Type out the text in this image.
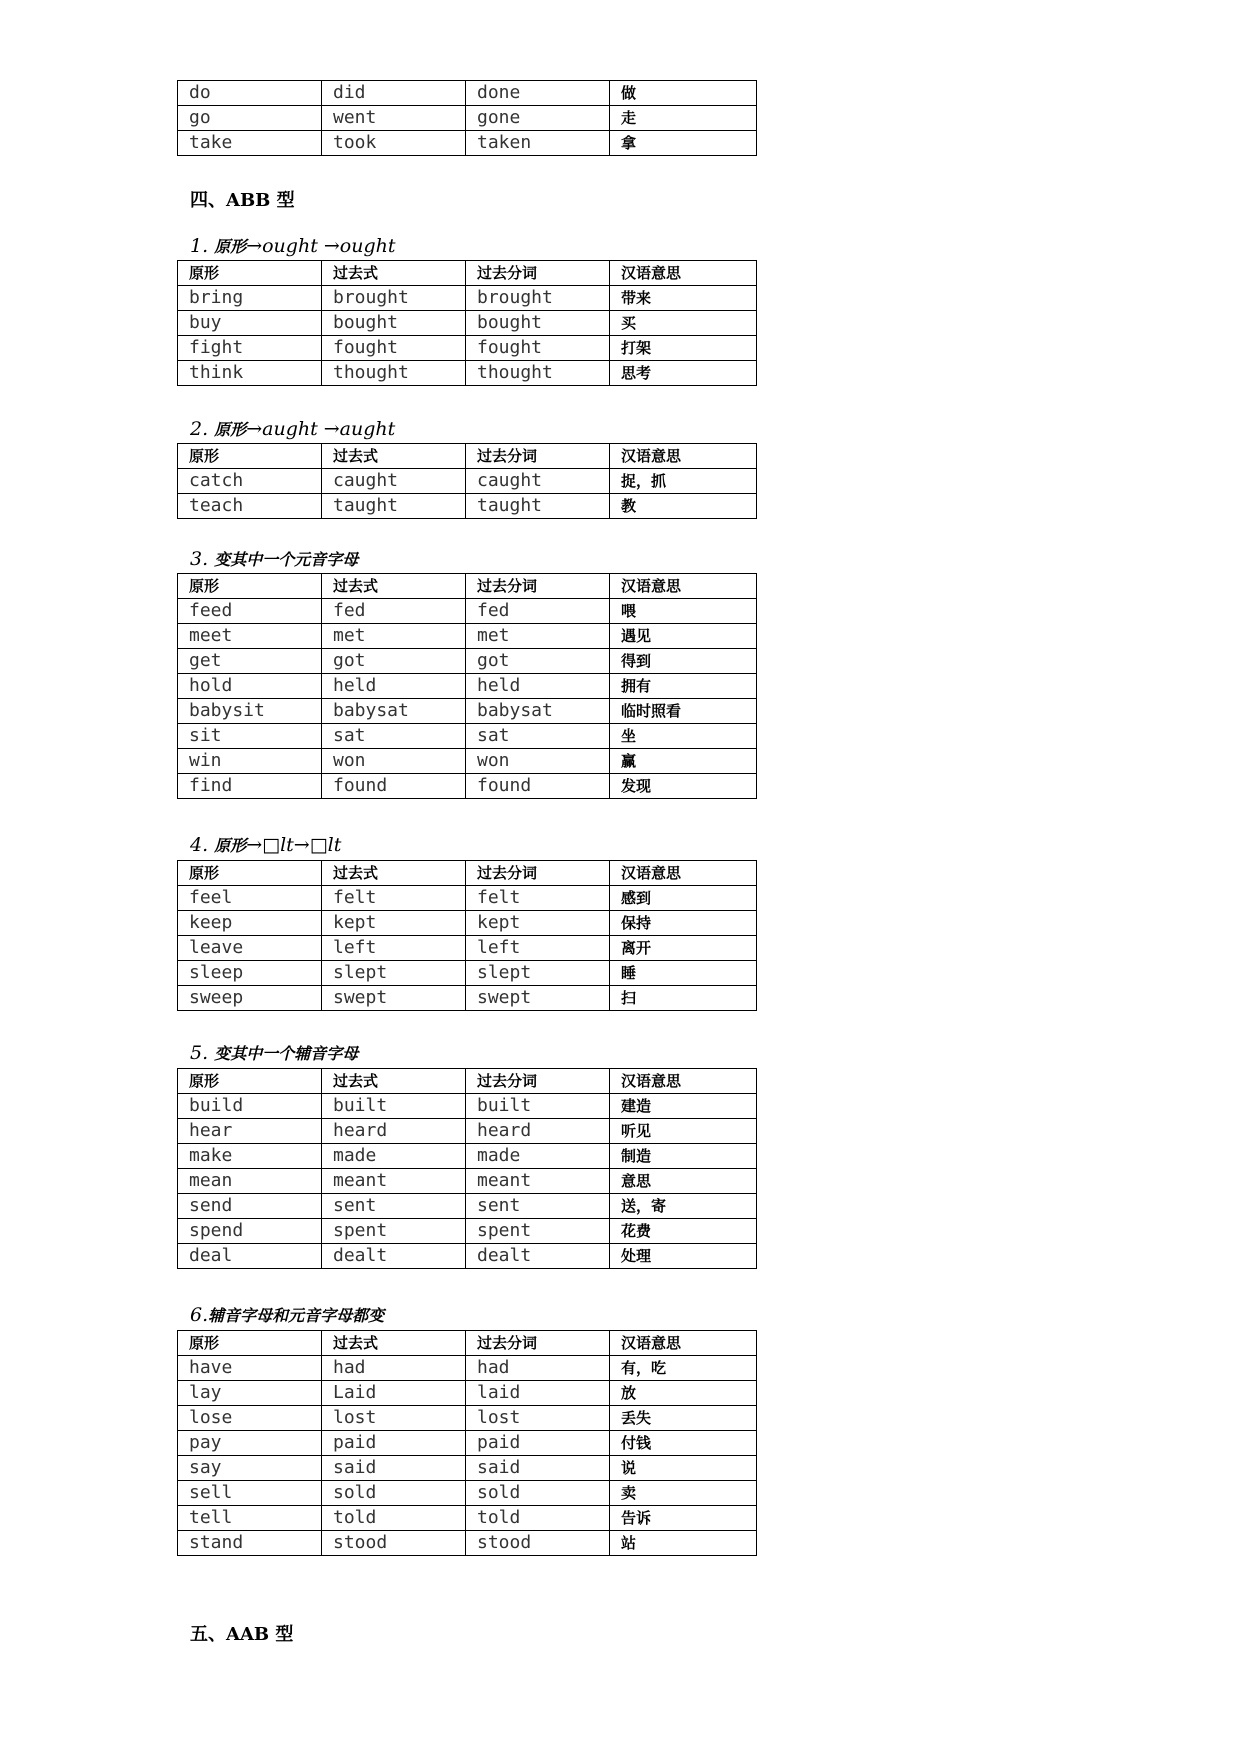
do	did	done	做
go	went	gone	走
take	took	taken	拿
四、ABB 型
1. 原形→ought →ought
原形	过去式	过去分词	汉语意思
bring	brought	brought	带来
buy	bought	bought	买
fight	fought	fought	打架
think	thought	thought	思考
2. 原形→aught →aught
原形	过去式	过去分词	汉语意思
catch	caught	caught	捉，抓
teach	taught	taught	教
3. 变其中一个元音字母
原形	过去式	过去分词	汉语意思
feed	fed	fed	喂
meet	met	met	遇见
get	got	got	得到
hold	held	held	拥有
babysit	babysat	babysat	临时照看
sit	sat	sat	坐
win	won	won	赢
find	found	found	发现
4. 原形→□lt→□lt
原形	过去式	过去分词	汉语意思
feel	felt	felt	感到
keep	kept	kept	保持
leave	left	left	离开
sleep	slept	slept	睡
sweep	swept	swept	扫
5. 变其中一个辅音字母
原形	过去式	过去分词	汉语意思
build	built	built	建造
hear	heard	heard	听见
make	made	made	制造
mean	meant	meant	意思
send	sent	sent	送，寄
spend	spent	spent	花费
deal	dealt	dealt	处理
6.辅音字母和元音字母都变
原形	过去式	过去分词	汉语意思
have	had	had	有，吃
lay	Laid	laid	放
lose	lost	lost	丢失
pay	paid	paid	付钱
say	said	said	说
sell	sold	sold	卖
tell	told	told	告诉
stand	stood	stood	站
五、AAB 型
